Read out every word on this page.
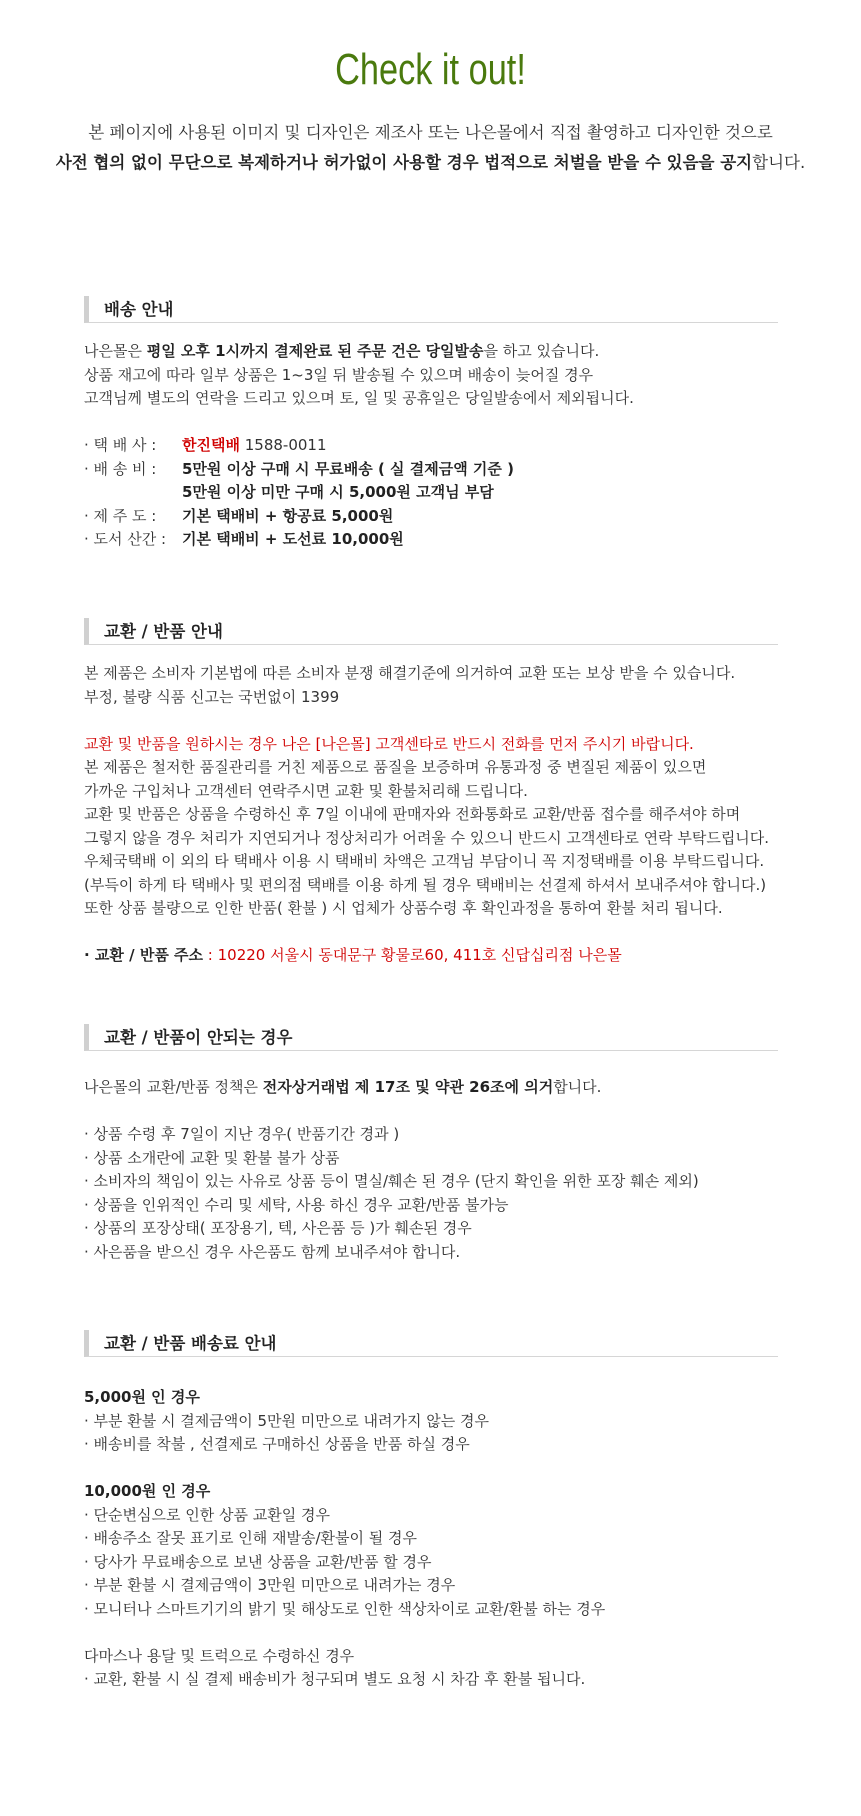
Check it out!
본 페이지에 사용된 이미지 및 디자인은 제조사 또는 나은몰에서 직접 촬영하고 디자인한 것으로
사전 협의 없이 무단으로 복제하거나 허가없이 사용할 경우 법적으로 처벌을 받을 수 있음을 공지합니다.
배송 안내
나은몰은 평일 오후 1시까지 결제완료 된 주문 건은 당일발송을 하고 있습니다.
상품 재고에 따라 일부 상품은 1~3일 뒤 발송될 수 있으며 배송이 늦어질 경우
고객님께 별도의 연락을 드리고 있으며 토, 일 및 공휴일은 당일발송에서 제외됩니다.
· 택 배 사 :	한진택배 1588-0011
· 배 송 비 :	5만원 이상 구매 시 무료배송 ( 실 결제금액 기준 )
5만원 이상 미만 구매 시 5,000원 고객님 부담
· 제 주 도 :	기본 택배비 + 항공료 5,000원
· 도서 산간 :	기본 택배비 + 도선료 10,000원
교환 / 반품 안내
본 제품은 소비자 기본법에 따른 소비자 분쟁 해결기준에 의거하여 교환 또는 보상 받을 수 있습니다.
부정, 불량 식품 신고는 국번없이 1399
교환 및 반품을 원하시는 경우 나은 [나은몰] 고객센타로 반드시 전화를 먼저 주시기 바랍니다.
본 제품은 철저한 품질관리를 거친 제품으로 품질을 보증하며 유통과정 중 변질된 제품이 있으면
가까운 구입처나 고객센터 연락주시면 교환 및 환불처리해 드립니다.
교환 및 반품은 상품을 수령하신 후 7일 이내에 판매자와 전화통화로 교환/반품 접수를 해주셔야 하며
그렇지 않을 경우 처리가 지연되거나 정상처리가 어려울 수 있으니 반드시 고객센타로 연락 부탁드립니다.
우체국택배 이 외의 타 택배사 이용 시 택배비 차액은 고객님 부담이니 꼭 지정택배를 이용 부탁드립니다.
(부득이 하게 타 택배사 및 편의점 택배를 이용 하게 될 경우 택배비는 선결제 하셔서 보내주셔야 합니다.)
또한 상품 불량으로 인한 반품( 환불 ) 시 업체가 상품수령 후 확인과정을 통하여 환불 처리 됩니다.
· 교환 / 반품 주소 : 10220 서울시 동대문구 황물로60, 411호 신답십리점 나은몰
교환 / 반품이 안되는 경우
나은몰의 교환/반품 정책은 전자상거래법 제 17조 및 약관 26조에 의거합니다.
· 상품 수령 후 7일이 지난 경우( 반품기간 경과 )
· 상품 소개란에 교환 및 환불 불가 상품
· 소비자의 책임이 있는 사유로 상품 등이 멸실/훼손 된 경우 (단지 확인을 위한 포장 훼손 제외)
· 상품을 인위적인 수리 및 세탁, 사용 하신 경우 교환/반품 불가능
· 상품의 포장상태( 포장용기, 텍, 사은품 등 )가 훼손된 경우
· 사은품을 받으신 경우 사은품도 함께 보내주셔야 합니다.
교환 / 반품 배송료 안내
5,000원 인 경우
· 부분 환불 시 결제금액이 5만원 미만으로 내려가지 않는 경우
· 배송비를 착불 , 선결제로 구매하신 상품을 반품 하실 경우
10,000원 인 경우
· 단순변심으로 인한 상품 교환일 경우
· 배송주소 잘못 표기로 인해 재발송/환불이 될 경우
· 당사가 무료배송으로 보낸 상품을 교환/반품 할 경우
· 부분 환불 시 결제금액이 3만원 미만으로 내려가는 경우
· 모니터나 스마트기기의 밝기 및 해상도로 인한 색상차이로 교환/환불 하는 경우
다마스나 용달 및 트럭으로 수령하신 경우
· 교환, 환불 시 실 결제 배송비가 청구되며 별도 요청 시 차감 후 환불 됩니다.
